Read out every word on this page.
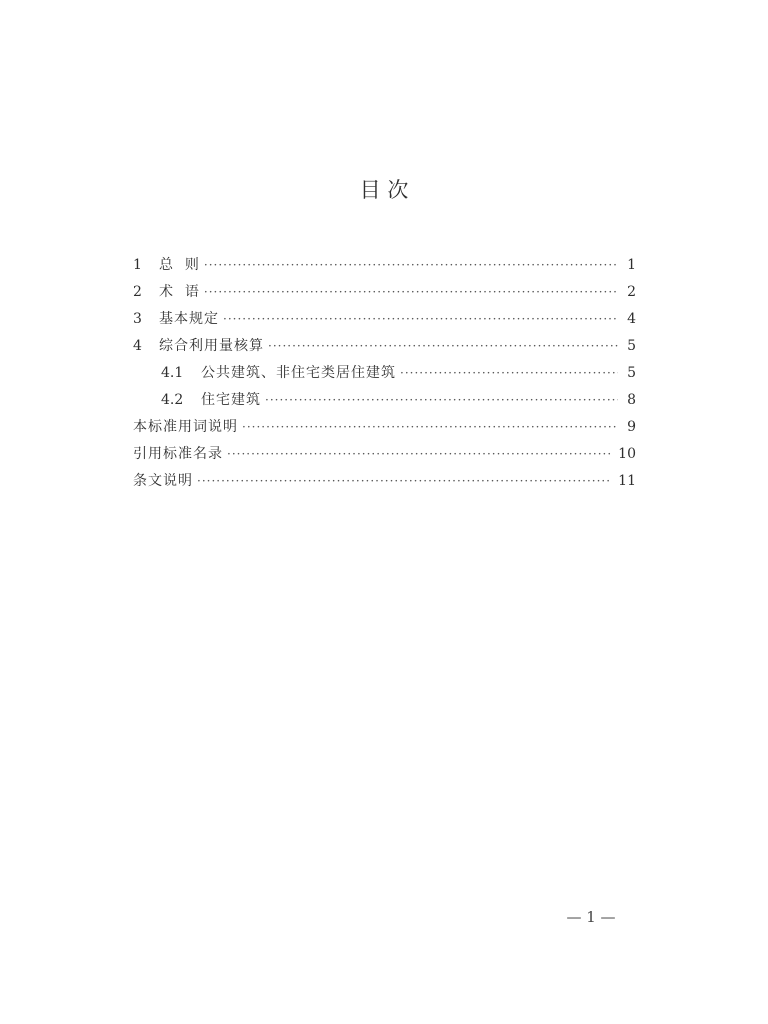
目 次
1	总  则 ·····	1
2	术  语 ·····	2
3	基本规定 ·····	4
4	综合利用量核算 ·····	5
4.1	公共建筑、非住宅类居住建筑 ·····	5
4.2	住宅建筑 ·····	8
本标准用词说明 ·····	9
引用标准名录 ·····	10
条文说明 ·····	11
— 1 —
